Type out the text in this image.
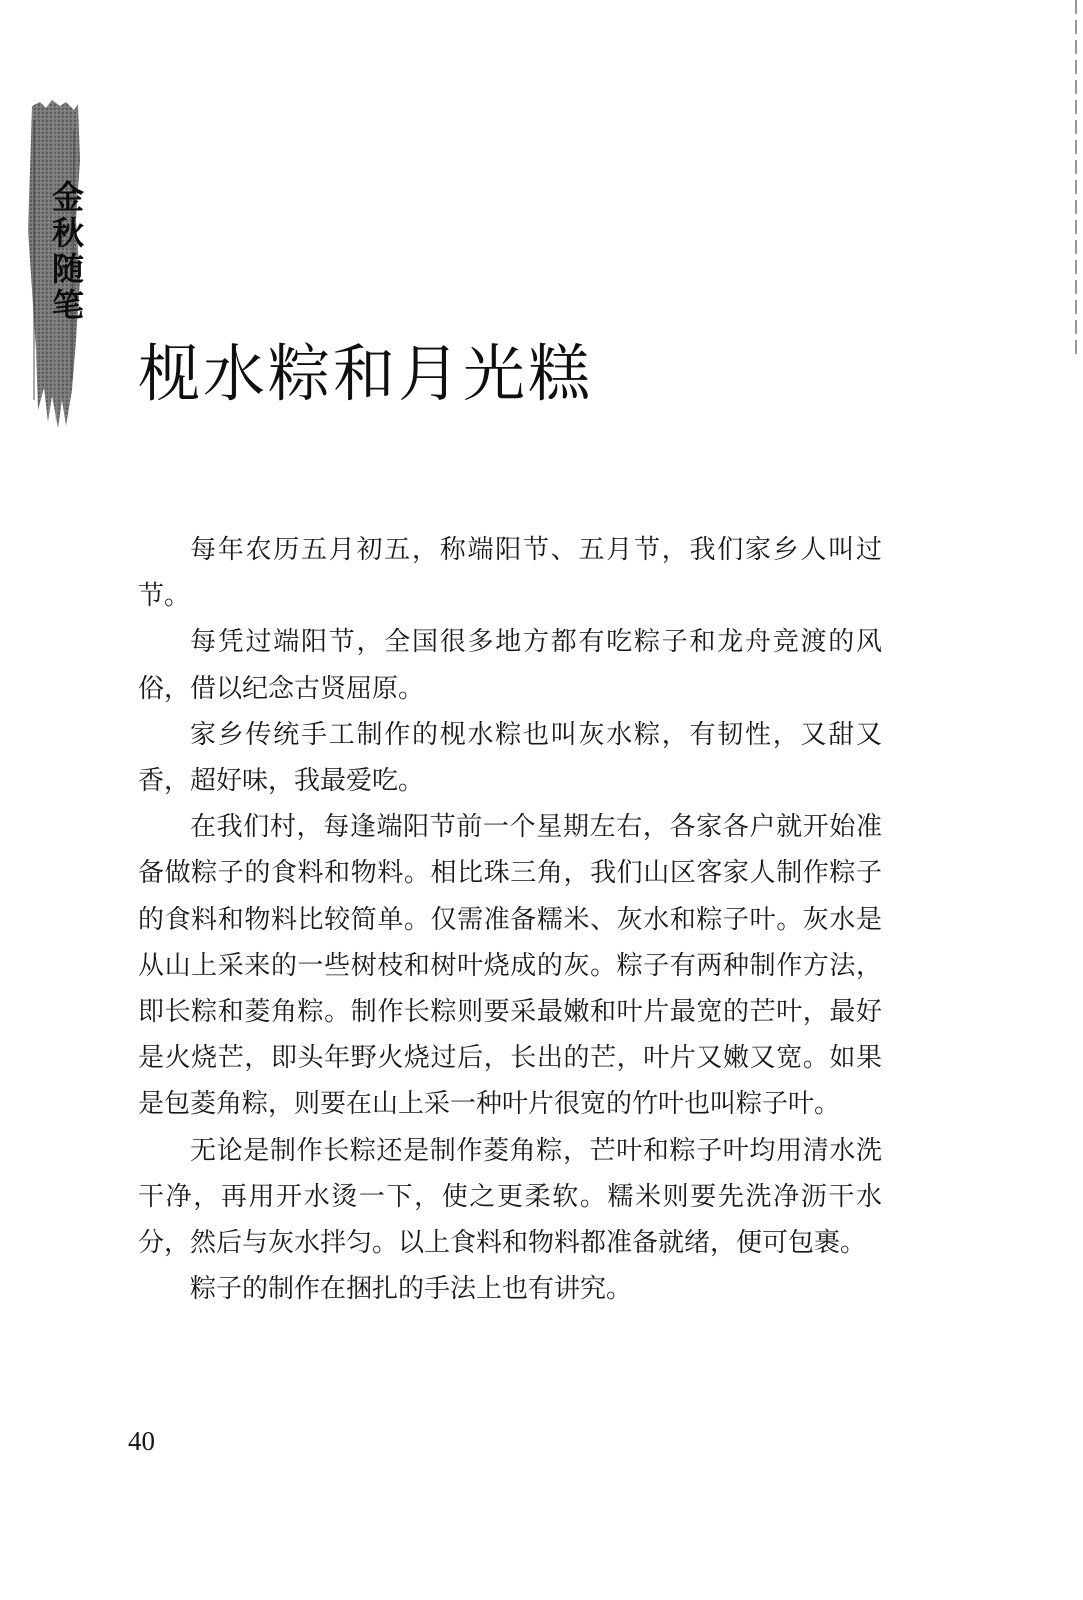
金秋随笔
枧水粽和月光糕

每年农历五月初五，称端阳节、五月节，我们家乡人叫过节。

每凭过端阳节，全国很多地方都有吃粽子和龙舟竞渡的风俗，借以纪念古贤屈原。

家乡传统手工制作的枧水粽也叫灰水粽，有韧性，又甜又香，超好味，我最爱吃。

在我们村，每逢端阳节前一个星期左右，各家各户就开始准备做粽子的食料和物料。相比珠三角，我们山区客家人制作粽子的食料和物料比较简单。仅需准备糯米、灰水和粽子叶。灰水是从山上采来的一些树枝和树叶烧成的灰。粽子有两种制作方法，即长粽和菱角粽。制作长粽则要采最嫩和叶片最宽的芒叶，最好是火烧芒，即头年野火烧过后，长出的芒，叶片又嫩又宽。如果是包菱角粽，则要在山上采一种叶片很宽的竹叶也叫粽子叶。

无论是制作长粽还是制作菱角粽，芒叶和粽子叶均用清水洗干净，再用开水烫一下，使之更柔软。糯米则要先洗净沥干水分，然后与灰水拌匀。以上食料和物料都准备就绪，便可包裹。

粽子的制作在捆扎的手法上也有讲究。

40
